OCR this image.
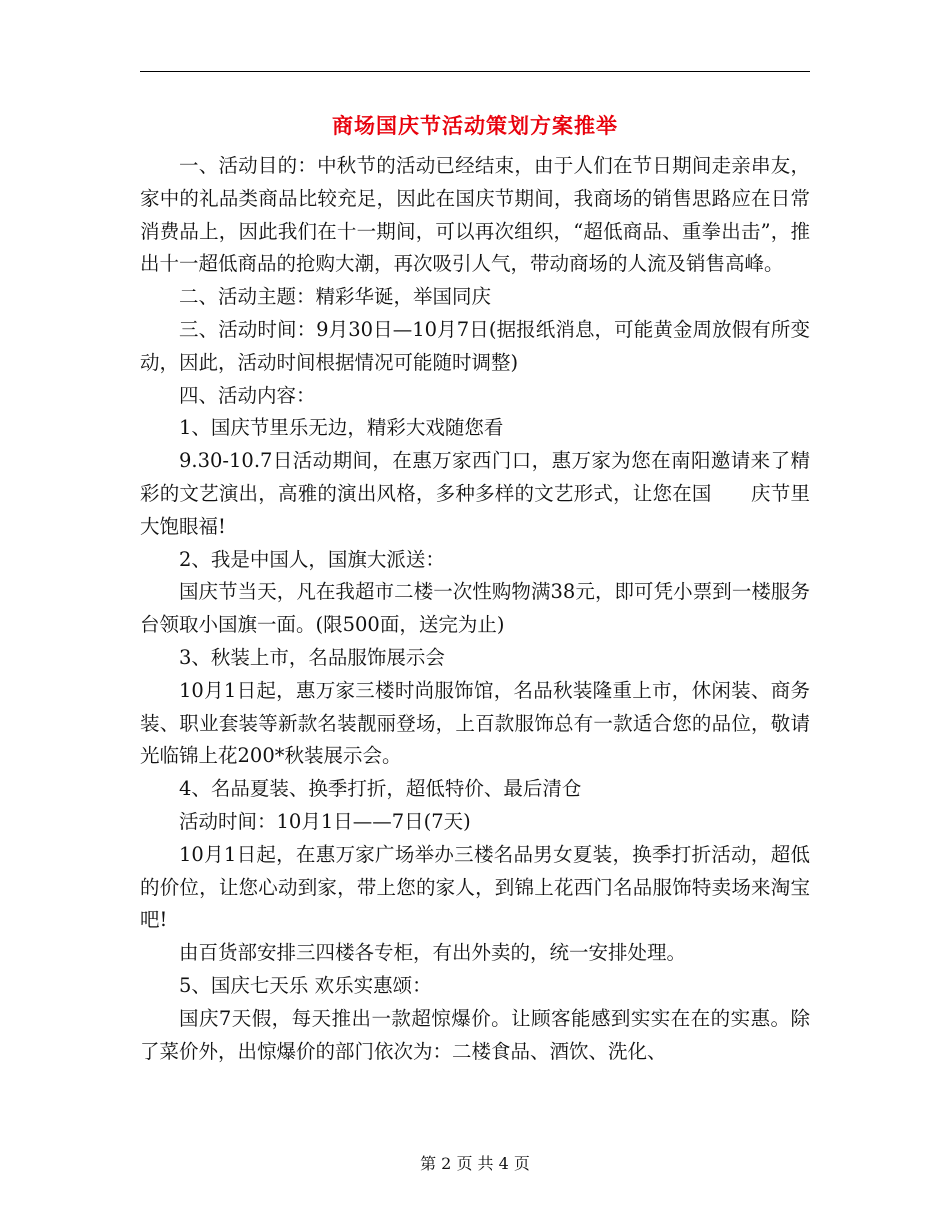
商场国庆节活动策划方案推举

一、活动目的：中秋节的活动已经结束，由于人们在节日期间走亲串友，家中的礼品类商品比较充足，因此在国庆节期间，我商场的销售思路应在日常消费品上，因此我们在十一期间，可以再次组织，“超低商品、重拳出击”，推出十一超低商品的抢购大潮，再次吸引人气，带动商场的人流及销售高峰。

二、活动主题：精彩华诞，举国同庆

三、活动时间：9月30日—10月7日(据报纸消息，可能黄金周放假有所变动，因此，活动时间根据情况可能随时调整)

四、活动内容：

1、国庆节里乐无边，精彩大戏随您看

9.30-10.7日活动期间，在惠万家西门口，惠万家为您在南阳邀请来了精彩的文艺演出，高雅的演出风格，多种多样的文艺形式，让您在国　　庆节里大饱眼福!

2、我是中国人，国旗大派送：

国庆节当天，凡在我超市二楼一次性购物满38元，即可凭小票到一楼服务台领取小国旗一面。(限500面，送完为止)

3、秋装上市，名品服饰展示会

10月1日起，惠万家三楼时尚服饰馆，名品秋装隆重上市，休闲装、商务装、职业套装等新款名装靓丽登场，上百款服饰总有一款适合您的品位，敬请光临锦上花200*秋装展示会。

4、名品夏装、换季打折，超低特价、最后清仓

活动时间：10月1日——7日(7天)

10月1日起，在惠万家广场举办三楼名品男女夏装，换季打折活动，超低的价位，让您心动到家，带上您的家人，到锦上花西门名品服饰特卖场来淘宝吧!

由百货部安排三四楼各专柜，有出外卖的，统一安排处理。

5、国庆七天乐 欢乐实惠颂：

国庆7天假，每天推出一款超惊爆价。让顾客能感到实实在在的实惠。除了菜价外，出惊爆价的部门依次为：二楼食品、酒饮、洗化、

第 2 页 共 4 页
